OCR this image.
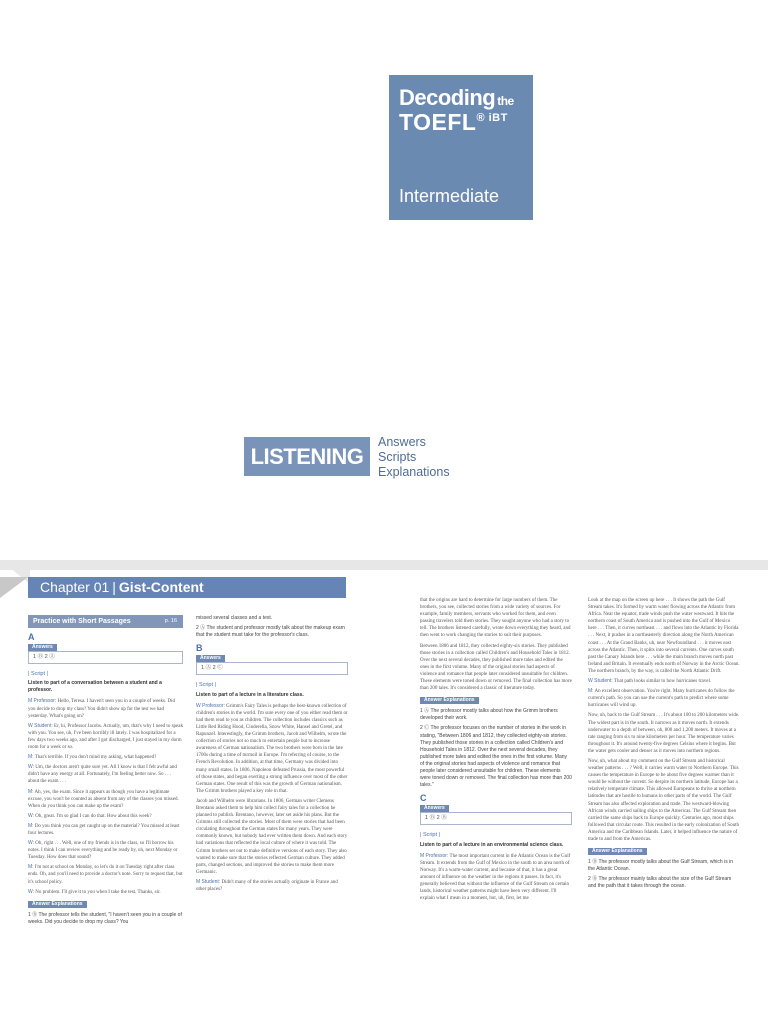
Decoding the
$TOEFL^{® iBT}$
Intermediate
LISTENING
Answers
Scripts
Explanations
Chapter 01 | Gist-Content
Practice with Short Passages	p. 16
A
Answers
1 Ⓑ 2 Ⓐ
| Script |
Listen to part of a conversation between a student and a professor.

M Professor: Hello, Teresa. I haven't seen you in a couple of weeks. Did you decide to drop my class? You didn't show up for the test we had yesterday. What's going on?

W Student: Er, hi, Professor Jacobs. Actually, um, that's why I need to speak with you. You see, uh, I've been horribly ill lately. I was hospitalized for a few days two weeks ago, and after I got discharged, I just stayed in my dorm room for a week or so.

M: That's terrible. If you don't mind my asking, what happened?

W: Um, the doctors aren't quite sure yet. All I know is that I felt awful and didn't have any energy at all. Fortunately, I'm feeling better now. So . . . about the exam . . .

M: Ah, yes, the exam. Since it appears as though you have a legitimate excuse, you won't be counted as absent from any of the classes you missed. When do you think you can make up the exam?

W: Oh, great. I'm so glad I can do that. How about this week?

M: Do you think you can get caught up on the material? You missed at least four lectures.

W: Oh, right . . . Well, one of my friends is in the class, so I'll borrow his notes. I think I can review everything and be ready by, uh, next Monday or Tuesday. How does that sound?

M: I'm not at school on Monday, so let's do it on Tuesday right after class ends. Oh, and you'll need to provide a doctor's note. Sorry to request that, but it's school policy.

W: No problem. I'll give it to you when I take the test. Thanks, sir.

Answer Explanations

1 Ⓑ The professor tells the student, "I haven't seen you in a couple of weeks. Did you decide to drop my class? You

missed several classes and a test.

2 Ⓐ The student and professor mostly talk about the makeup exam that the student must take for the professor's class.

B
Answers
1 Ⓐ 2 Ⓒ
| Script |
Listen to part of a lecture in a literature class.

W Professor: Grimm's Fairy Tales is perhaps the best-known collection of children's stories in the world. I'm sure every one of you either read them or had them read to you as children. The collection includes classics such as Little Red Riding Hood, Cinderella, Snow White, Hansel and Gretel, and Rapunzel. Interestingly, the Grimm brothers, Jacob and Wilhelm, wrote the collection of stories not so much to entertain people but to increase awareness of German nationalism. The two brothers were born in the late 1700s during a time of turmoil in Europe. I'm referring of course, to the French Revolution. In addition, at that time, Germany was divided into many small states. In 1806, Napoleon defeated Prussia, the most powerful of those states, and began exerting a strong influence over most of the other German states. One result of this was the growth of German nationalism. The Grimm brothers played a key role in that.

Jacob and Wilhelm were librarians. In 1806, German writer Clemens Brentano asked them to help him collect fairy tales for a collection he planned to publish. Brentano, however, later set aside his plans. But the Grimms still collected the stories. Most of them were stories that had been circulating throughout the German states for many years. They were commonly known, but nobody had ever written them down. And each story had variations that reflected the local culture of where it was told. The Grimm brothers set out to make definitive versions of each story. They also wanted to make sure that the stories reflected German culture. They added parts, changed sections, and improved the stories to make them more Germanic.

M Student: Didn't many of the stories actually originate in France and other places?

that the origins are hard to determine for large numbers of them. The brothers, you see, collected stories from a wide variety of sources. For example, family members, servants who worked for them, and even passing travelers told them stories. They sought anyone who had a story to tell. The brothers listened carefully, wrote down everything they heard, and then went to work changing the stories to suit their purposes.

Between 1806 and 1812, they collected eighty-six stories. They published those stories in a collection called Children's and Household Tales in 1812. Over the next several decades, they published more tales and edited the ones in the first volume. Many of the original stories had aspects of violence and romance that people later considered unsuitable for children. These elements were toned down or removed. The final collection has more than 200 tales. It's considered a classic of literature today.

Answer Explanations

1 Ⓐ The professor mostly talks about how the Grimm brothers developed their work.

2 Ⓒ The professor focuses on the number of stories in the work in stating, "Between 1806 and 1812, they collected eighty-six stories. They published those stories in a collection called Children's and Household Tales in 1812. Over the next several decades, they published more tales and edited the ones in the first volume. Many of the original stories had aspects of violence and romance that people later considered unsuitable for children. These elements were toned down or removed. The final collection has more than 200 tales."

C
Answers
1 Ⓑ 2 Ⓑ
| Script |
Listen to part of a lecture in an environmental science class.

M Professor: The most important current in the Atlantic Ocean is the Gulf Stream. It extends from the Gulf of Mexico in the south to an area north of Norway. It's a warm-water current, and because of that, it has a great amount of influence on the weather in the regions it passes. In fact, it's generally believed that without the influence of the Gulf Stream on certain lands, historical weather patterns might have been very different. I'll explain what I mean in a moment, but, uh, first, let me

Look at the map on the screen up here . . . It shows the path the Gulf Stream takes. It's formed by warm water flowing across the Atlantic from Africa. Near the equator, trade winds push the water westward. It hits the northern coast of South America and is pushed into the Gulf of Mexico here . . . Then, it curves northeast . . . and flows into the Atlantic by Florida . . . Next, it pushes in a northeasterly direction along the North American coast . . . At the Grand Banks, uh, near Newfoundland . . . it moves east across the Atlantic. Then, it splits into several currents. One curves south past the Canary Islands here . . . while the main branch moves north past Ireland and Britain. It eventually ends north of Norway in the Arctic Ocean. The northern branch, by the way, is called the North Atlantic Drift.

W Student: That path looks similar to how hurricanes travel.

M: An excellent observation. You're right. Many hurricanes do follow the current's path. So you can use the current's path to predict where some hurricanes will wind up.

Now, uh, back to the Gulf Stream . . . It's about 100 to 200 kilometers wide. The widest part is in the south. It narrows as it moves north. It extends underwater to a depth of between, oh, 800 and 1,200 meters. It moves at a rate ranging from six to nine kilometers per hour. The temperature varies throughout it. It's around twenty-five degrees Celsius where it begins. But the water gets cooler and denser as it moves into northern regions.

Now, uh, what about my comment on the Gulf Stream and historical weather patterns . . . ? Well, it carries warm water to Northern Europe. This causes the temperature in Europe to be about five degrees warmer than it would be without the current. So despite its northern latitude, Europe has a relatively temperate climate. This allowed Europeans to thrive at northern latitudes that are hostile to humans in other parts of the world. The Gulf Stream has also affected exploration and trade. The westward-blowing African winds carried sailing ships to the Americas. The Gulf Stream then carried the same ships back to Europe quickly. Centuries ago, most ships followed that circular route. This resulted in the early colonization of South America and the Caribbean Islands. Later, it helped influence the nature of trade to and from the Americas.

Answer Explanations

1 Ⓑ The professor mostly talks about the Gulf Stream, which is in the Atlantic Ocean.

2 Ⓑ The professor mainly talks about the size of the Gulf Stream and the path that it takes through the ocean.
